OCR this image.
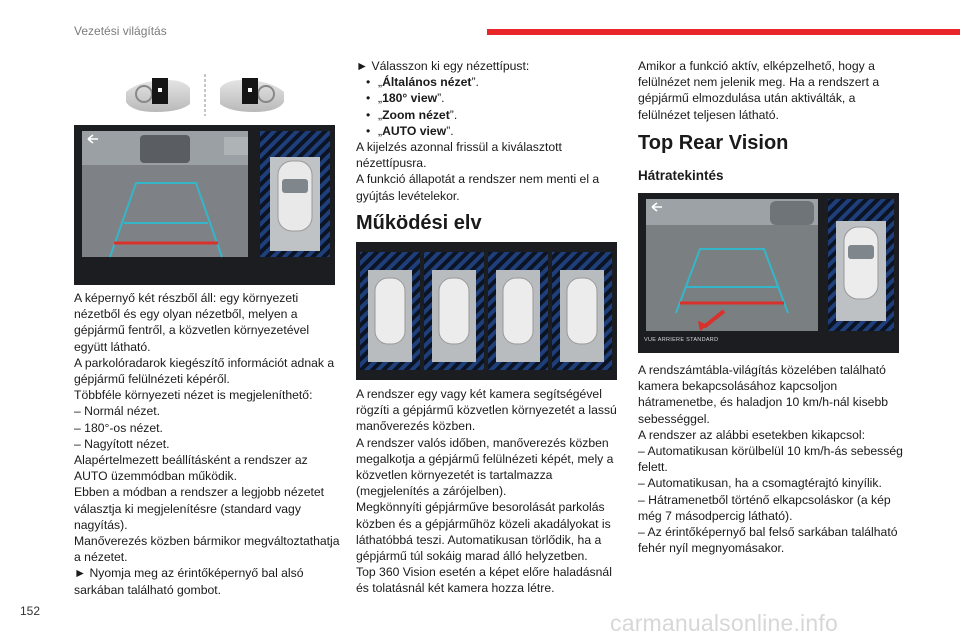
Vezetési világítás

A képernyő két részből áll: egy környezeti nézetből és egy olyan nézetből, melyen a gépjármű fentről, a közvetlen környezetével együtt látható.

A parkolóradarok kiegészítő információt adnak a gépjármű felülnézeti képéről.

Többféle környezeti nézet is megjeleníthető:

– Normál nézet.

– 180°-os nézet.

– Nagyított nézet.

Alapértelmezett beállításként a rendszer az AUTO üzemmódban működik.

Ebben a módban a rendszer a legjobb nézetet választja ki megjelenítésre (standard vagy nagyítás).

Manőverezés közben bármikor megváltoztathatja a nézetet.

► Nyomja meg az érintőképernyő bal alsó sarkában található gombot.

► Válasszon ki egy nézettípust:

• „Általános nézet”.
• „180° view”.
• „Zoom nézet”.
• „AUTO view”.

A kijelzés azonnal frissül a kiválasztott nézettípusra.

A funkció állapotát a rendszer nem menti el a gyújtás levételekor.

Működési elv

A rendszer egy vagy két kamera segítségével rögzíti a gépjármű közvetlen környezetét a lassú manőverezés közben.

A rendszer valós időben, manőverezés közben megalkotja a gépjármű felülnézeti képét, mely a közvetlen környezetét is tartalmazza (megjelenítés a zárójelben).

Megkönnyíti gépjárműve besorolását parkolás közben és a gépjárműhöz közeli akadályokat is láthatóbbá teszi. Automatikusan törlődik, ha a gépjármű túl sokáig marad álló helyzetben.

Top 360 Vision esetén a képet előre haladásnál és tolatásnál két kamera hozza létre.

Amikor a funkció aktív, elképzelhető, hogy a felülnézet nem jelenik meg. Ha a rendszert a gépjármű elmozdulása után aktiválták, a felülnézet teljesen látható.

Top Rear Vision
Hátratekintés
VUE ARRIERE STANDARD

A rendszámtábla-világítás közelében található kamera bekapcsolásához kapcsoljon hátramenetbe, és haladjon 10 km/h-nál kisebb sebességgel.

A rendszer az alábbi esetekben kikapcsol:

– Automatikusan körülbelül 10 km/h-ás sebesség felett.

– Automatikusan, ha a csomagtérajtó kinyílik.

– Hátramenetből történő elkapcsoláskor (a kép még 7 másodpercig látható).

– Az érintőképernyő bal felső sarkában található fehér nyíl megnyomásakor.

152	carmanualsonline.info
